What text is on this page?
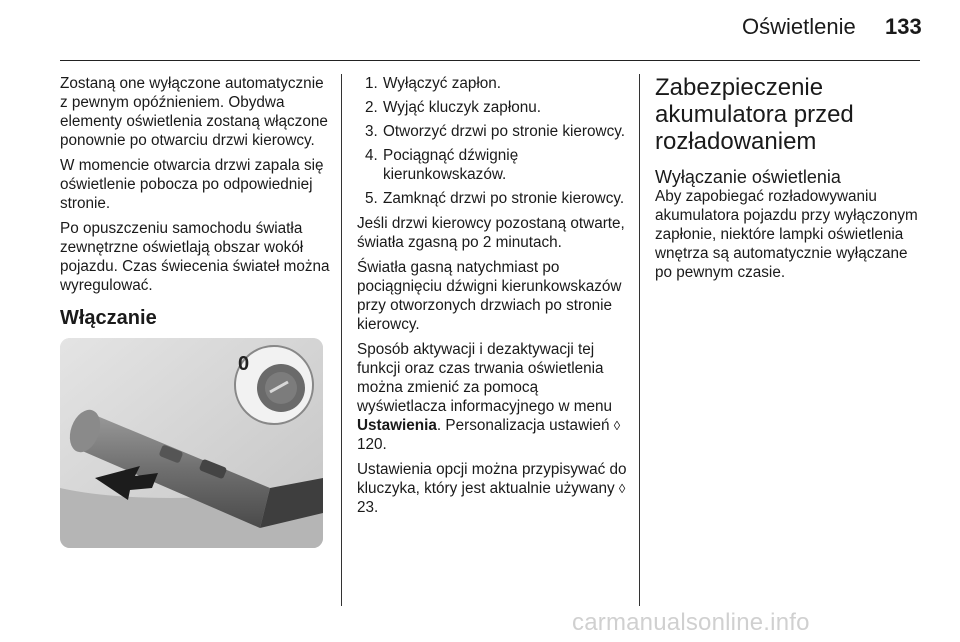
Oświetlenie 133

Zostaną one wyłączone automatycznie z pewnym opóźnieniem. Obydwa elementy oświetlenia zostaną włączone ponownie po otwarciu drzwi kierowcy.

W momencie otwarcia drzwi zapala się oświetlenie pobocza po odpowiedniej stronie.

Po opuszczeniu samochodu światła zewnętrzne oświetlają obszar wokół pojazdu. Czas świecenia świateł można wyregulować.

Włączanie
0
1. Wyłączyć zapłon.
2. Wyjąć kluczyk zapłonu.
3. Otworzyć drzwi po stronie kierowcy.
4. Pociągnąć dźwignię kierunkowskazów.
5. Zamknąć drzwi po stronie kierowcy.

Jeśli drzwi kierowcy pozostaną otwarte, światła zgasną po 2 minutach.

Światła gasną natychmiast po pociągnięciu dźwigni kierunkowskazów przy otworzonych drzwiach po stronie kierowcy.

Sposób aktywacji i dezaktywacji tej funkcji oraz czas trwania oświetlenia można zmienić za pomocą wyświetlacza informacyjnego w menu Ustawienia. Personalizacja ustawień ◊ 120.

Ustawienia opcji można przypisywać do kluczyka, który jest aktualnie używany ◊ 23.

Zabezpieczenie akumulatora przed rozładowaniem
Wyłączanie oświetlenia

Aby zapobiegać rozładowywaniu akumulatora pojazdu przy wyłączonym zapłonie, niektóre lampki oświetlenia wnętrza są automatycznie wyłączane po pewnym czasie.

carmanualsonline.info
